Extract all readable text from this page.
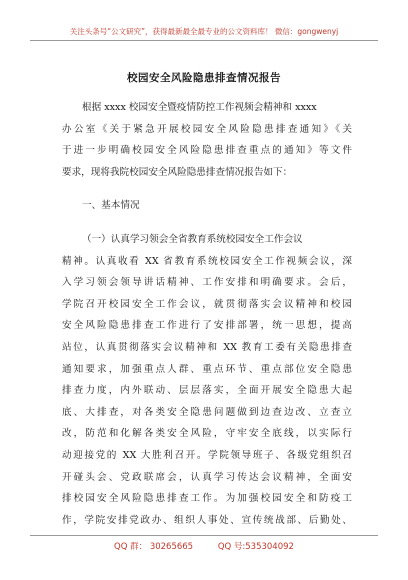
关注头条号“公文研究”，获得最新最全最专业的公文资料库！ 微信：gongwenyj
校园安全风险隐患排查情况报告
根据 xxxx 校园安全暨疫情防控工作视频会精神和 xxxx
办公室《关于紧急开展校园安全风险隐患排查通知》《关
于进一步明确校园安全风险隐患排查重点的通知》等文件
要求，现将我院校园安全风险隐患排查情况报告如下：
一、基本情况
（一）认真学习领会全省教育系统校园安全工作会议
精神。认真收看 XX 省教育系统校园安全工作视频会议，深
入学习领会领导讲话精神、工作安排和明确要求。会后，
学院召开校园安全工作会议，就贯彻落实会议精神和校园
安全风险隐患排查工作进行了安排部署，统一思想，提高
站位，认真贯彻落实会议精神和 XX 教育工委有关隐患排查
通知要求，加强重点人群、重点环节、重点部位安全隐患
排查力度，内外联动、层层落实，全面开展安全隐患大起
底、大排查，对各类安全隐患问题做到边查边改、立查立
改，防范和化解各类安全风险，守牢安全底线，以实际行
动迎接党的 XX 大胜利召开。学院领导班子、各级党组织召
开碰头会、党政联席会，认真学习传达会议精神，全面安
排校园安全风险隐患排查工作。为加强校园安全和防疫工
作，学院安排党政办、组织人事处、宣传统战部、后勤处、
QQ 群： 30265665	QQ 号:535304092
